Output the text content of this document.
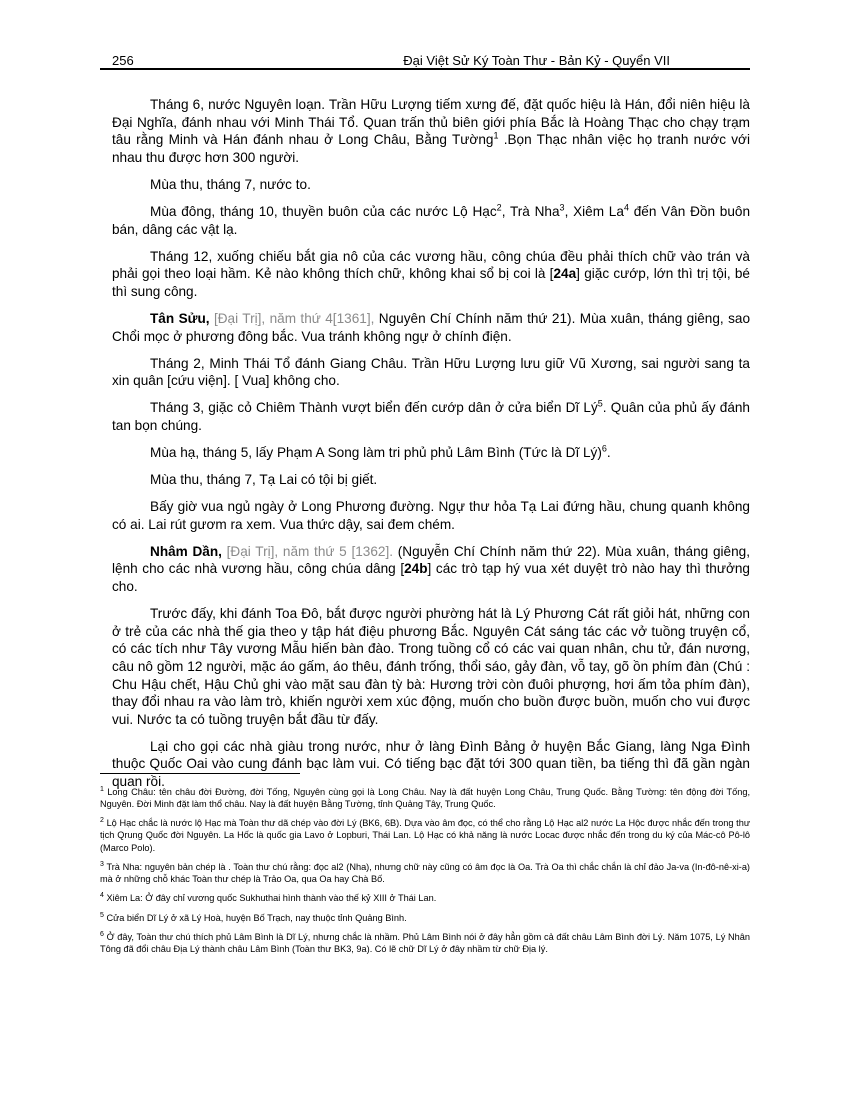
256	Đại Việt Sử Ký Toàn Thư - Bản Kỷ - Quyển VII

Tháng 6, nước Nguyên loạn. Trần Hữu Lượng tiếm xưng đế, đặt quốc hiệu là Hán, đổi niên hiệu là Đại Nghĩa, đánh nhau với Minh Thái Tổ. Quan trấn thủ biên giới phía Bắc là Hoàng Thạc cho chạy trạm tâu rằng Minh và Hán đánh nhau ở Long Châu, Bằng Tường$^1$ .Bọn Thạc nhân việc họ tranh nước với nhau thu được hơn 300 người.

Mùa thu, tháng 7, nước to.

Mùa đông, tháng 10, thuyền buôn của các nước Lộ Hạc$^2$, Trà Nha$^3$, Xiêm La$^4$ đến Vân Đồn buôn bán, dâng các vật lạ.

Tháng 12, xuống chiếu bắt gia nô của các vương hầu, công chúa đều phải thích chữ vào trán và phải gọi theo loại hầm. Kẻ nào không thích chữ, không khai sổ bị coi là [24a] giặc cướp, lớn thì trị tội, bé thì sung công.

Tân Sửu, [Đại Trị], năm thứ 4[1361], Nguyên Chí Chính năm thứ 21). Mùa xuân, tháng giêng, sao Chổi mọc ở phương đông bắc. Vua tránh không ngự ở chính điện.

Tháng 2, Minh Thái Tổ đánh Giang Châu. Trần Hữu Lượng lưu giữ Vũ Xương, sai người sang ta xin quân [cứu viện]. [ Vua] không cho.

Tháng 3, giặc cỏ Chiêm Thành vượt biển đến cướp dân ở cửa biển Dĩ $Lý^5$. Quân của phủ ấy đánh tan bọn chúng.

Mùa hạ, tháng 5, lấy Phạm A Song làm tri phủ phủ Lâm Bình (Tức là Dĩ Lý)$^6$.

Mùa thu, tháng 7, Tạ Lai có tội bị giết.

Bấy giờ vua ngủ ngày ở Long Phương đường. Ngự thư hỏa Tạ Lai đứng hầu, chung quanh không có ai. Lai rút gươm ra xem. Vua thức dậy, sai đem chém.

Nhâm Dần, [Đại Trị], năm thứ 5 [1362]. (Nguyễn Chí Chính năm thứ 22). Mùa xuân, tháng giêng, lệnh cho các nhà vương hầu, công chúa dâng [24b] các trò tạp hý vua xét duyệt trò nào hay thì thưởng cho.

Trước đấy, khi đánh Toa Đô, bắt được người phường hát là Lý Phương Cát rất giỏi hát, những con ở trẻ của các nhà thế gia theo y tập hát điệu phương Bắc. Nguyên Cát sáng tác các vở tuồng truyện cổ, có các tích như Tây vương Mẫu hiến bàn đào. Trong tuồng cổ có các vai quan nhân, chu tử, đán nương, câu nô gồm 12 người, mặc áo gấm, áo thêu, đánh trống, thổi sáo, gảy đàn, vỗ tay, gõ ồn phím đàn (Chú : Chu Hậu chết, Hậu Chủ ghi vào mặt sau đàn tỳ bà: Hương trời còn đuôi phượng, hơi ấm tỏa phím đàn), thay đổi nhau ra vào làm trò, khiến người xem xúc động, muốn cho buồn được buồn, muốn cho vui được vui. Nước ta có tuồng truyện bắt đầu từ đấy.

Lại cho gọi các nhà giàu trong nước, như ở làng Đình Bảng ở huyện Bắc Giang, làng Nga Đình thuộc Quốc Oai vào cung đánh bạc làm vui. Có tiếng bạc đặt tới 300 quan tiền, ba tiếng thì đã gần ngàn quan rồi.

$^1$ Long Châu: tên châu đời Đường, đời Tống, Nguyên cùng gọi là Long Châu. Nay là đất huyện Long Châu, Trung Quốc. Bằng Tường: tên động đời Tống, Nguyên. Đời Minh đặt làm thổ châu. Nay là đất huyện Bằng Tường, tỉnh Quảng Tây, Trung Quốc.
$^2$ Lộ Hạc chắc là nước lộ Hạc mà Toàn thư dã chép vào đời Lý (BK6, 6B). Dựa vào âm đọc, có thể cho rằng Lộ Hạc al2 nước La Hộc được nhắc đến trong thư tịch Qrung Quốc đời Nguyên. La Hốc là quốc gia Lavo ở Lopburi, Thái Lan. Lộ Hạc có khả năng là nước Locac được nhắc đến trong du ký của Mác-cô Pô-lô (Marco Polo).
$^3$ Trà Nha: nguyên bản chép là . Toàn thư chú rằng: đọc al2 (Nha), nhưng chữ này cũng có âm đọc là Oa. Trà Oa thì chắc chắn là chỉ đảo Ja-va (In-đô-nê-xi-a) mà ở những chỗ khác Toàn thư chép là Trảo Oa, qua Oa hay Chà Bố.
$^4$ Xiêm La: Ở đây chỉ vương quốc Sukhuthai hình thành vào thế kỷ XIII ở Thái Lan.
$^5$ Cửa biển Dĩ Lý ở xã Lý Hoà, huyện Bố Trạch, nay thuộc tỉnh Quảng Bình.
$^6$ Ở đây, Toàn thư chú thích phủ Lâm Bình là Dĩ Lý, nhưng chắc là nhầm. Phủ Lâm Bình nói ở đây hẳn gồm cả đất châu Lâm Bình đời Lý. Năm 1075, Lý Nhân Tông đã đổi châu Địa Lý thành châu Lâm Bình (Toàn thư BK3, 9a). Có lẽ chữ Dĩ Lý ở đây nhầm từ chữ Địa lý.
